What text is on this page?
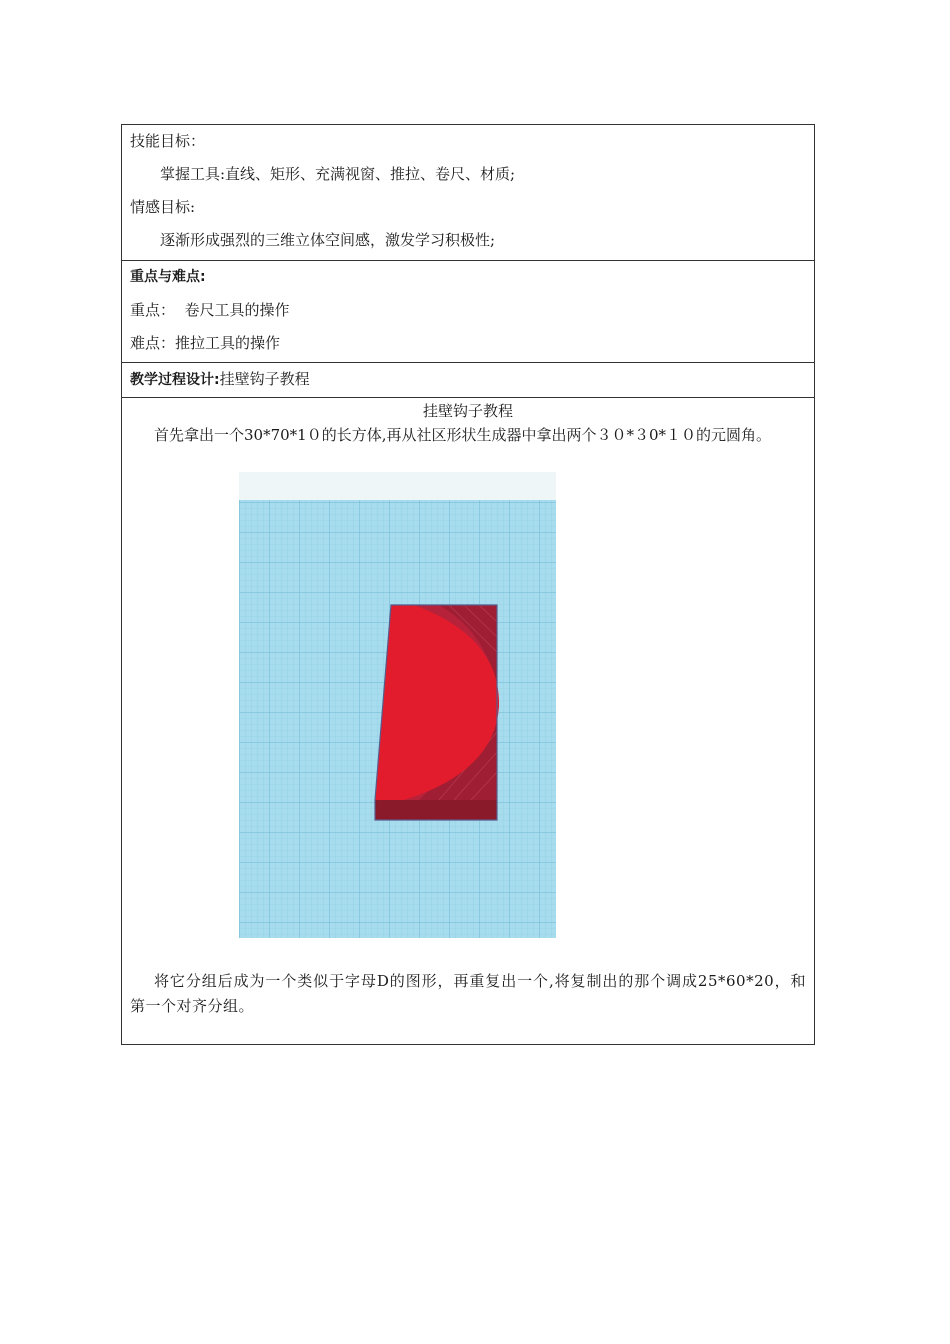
技能目标：
掌握工具:直线、矩形、充满视窗、推拉、卷尺、材质;
情感目标:
逐渐形成强烈的三维立体空间感，激发学习积极性;
重点与难点:
重点：  卷尺工具的操作
难点：推拉工具的操作
教学过程设计:挂壁钩子教程
挂壁钩子教程
首先拿出一个30*70*1０的长方体,再从社区形状生成器中拿出两个３０*３0*１０的元圆角。
将它分组后成为一个类似于字母D的图形，再重复出一个,将复制出的那个调成25*60*20，和第一个对齐分组。
